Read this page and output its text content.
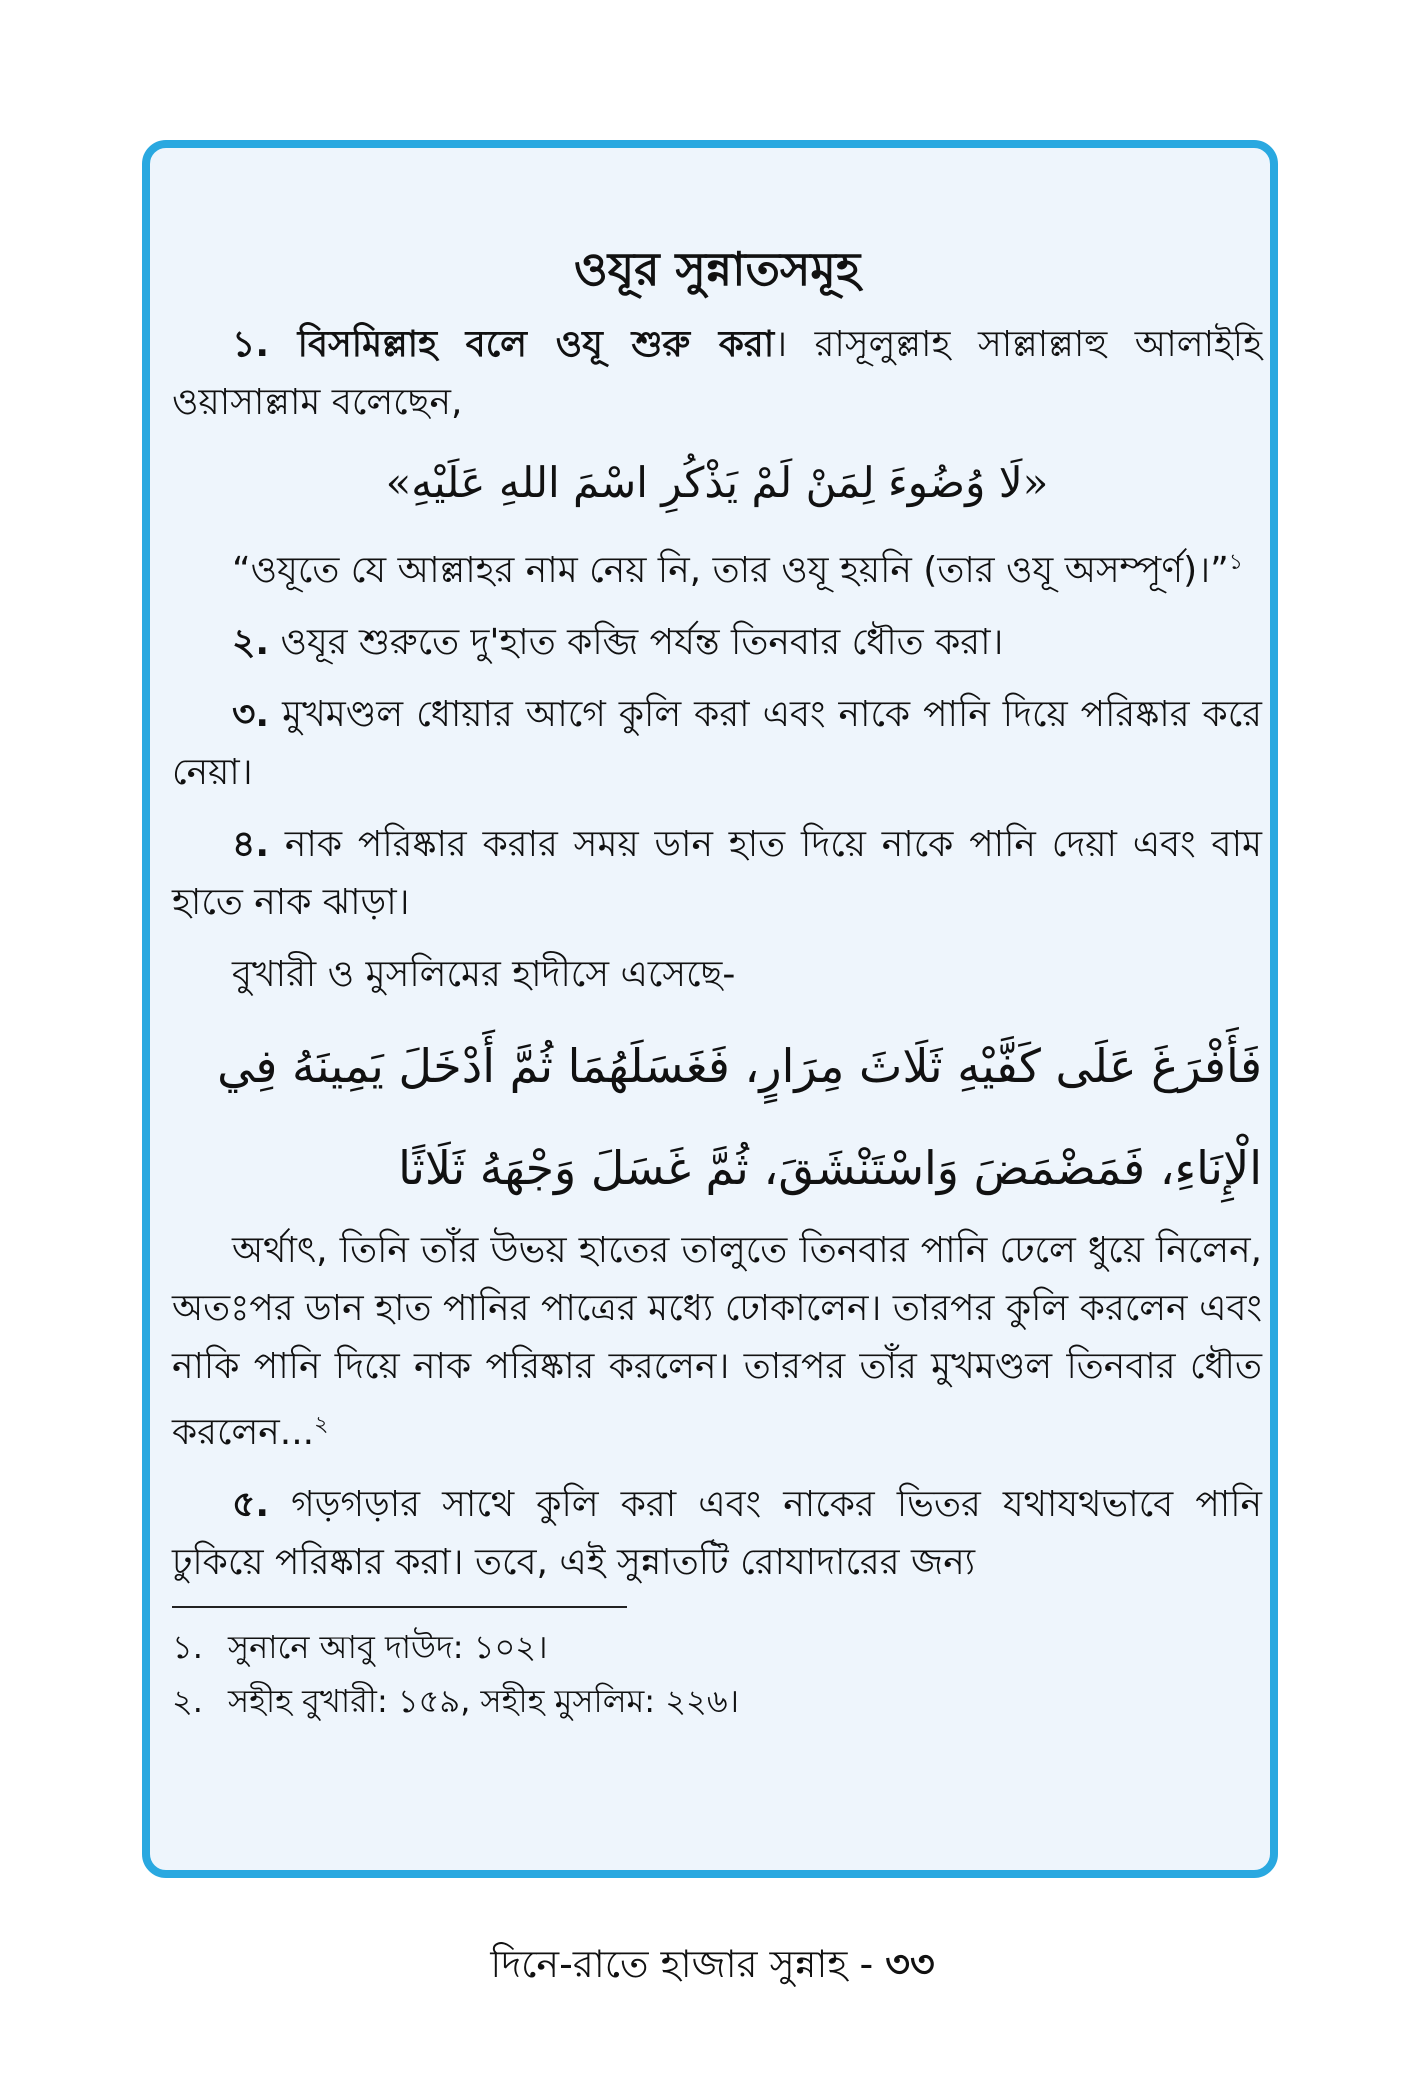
ওযূর সুন্নাতসমূহ

১. বিসমিল্লাহ বলে ওযূ শুরু করা। রাসূলুল্লাহ সাল্লাল্লাহু আলাইহি ওয়াসাল্লাম বলেছেন,

«لَا وُضُوءَ لِمَنْ لَمْ يَذْكُرِ اسْمَ اللهِ عَلَيْهِ»

“ওযূতে যে আল্লাহর নাম নেয় নি, তার ওযূ হয়নি (তার ওযূ অসম্পূর্ণ)।”$^১$

২. ওযূর শুরুতে দু'হাত কব্জি পর্যন্ত তিনবার ধৌত করা।

৩. মুখমণ্ডল ধোয়ার আগে কুলি করা এবং নাকে পানি দিয়ে পরিষ্কার করে নেয়া।

৪. নাক পরিষ্কার করার সময় ডান হাত দিয়ে নাকে পানি দেয়া এবং বাম হাতে নাক ঝাড়া।

বুখারী ও মুসলিমের হাদীসে এসেছে-

فَأَفْرَغَ عَلَى كَفَّيْهِ ثَلَاثَ مِرَارٍ، فَغَسَلَهُمَا ثُمَّ أَدْخَلَ يَمِينَهُ فِي

الْإِنَاءِ، فَمَضْمَضَ وَاسْتَنْشَقَ، ثُمَّ غَسَلَ وَجْهَهُ ثَلَاثًا

অর্থাৎ, তিনি তাঁর উভয় হাতের তালুতে তিনবার পানি ঢেলে ধুয়ে নিলেন, অতঃপর ডান হাত পানির পাত্রের মধ্যে ঢোকালেন। তারপর কুলি করলেন এবং নাকি পানি দিয়ে নাক পরিষ্কার করলেন। তারপর তাঁর মুখমণ্ডল তিনবার ধৌত করলেন...$^২$

৫. গড়গড়ার সাথে কুলি করা এবং নাকের ভিতর যথাযথভাবে পানি ঢুকিয়ে পরিষ্কার করা। তবে, এই সুন্নাতটি রোযাদারের জন্য

১. সুনানে আবু দাউদ: ১০২।

২. সহীহ বুখারী: ১৫৯, সহীহ মুসলিম: ২২৬।

দিনে-রাতে হাজার সুন্নাহ - ৩৩
